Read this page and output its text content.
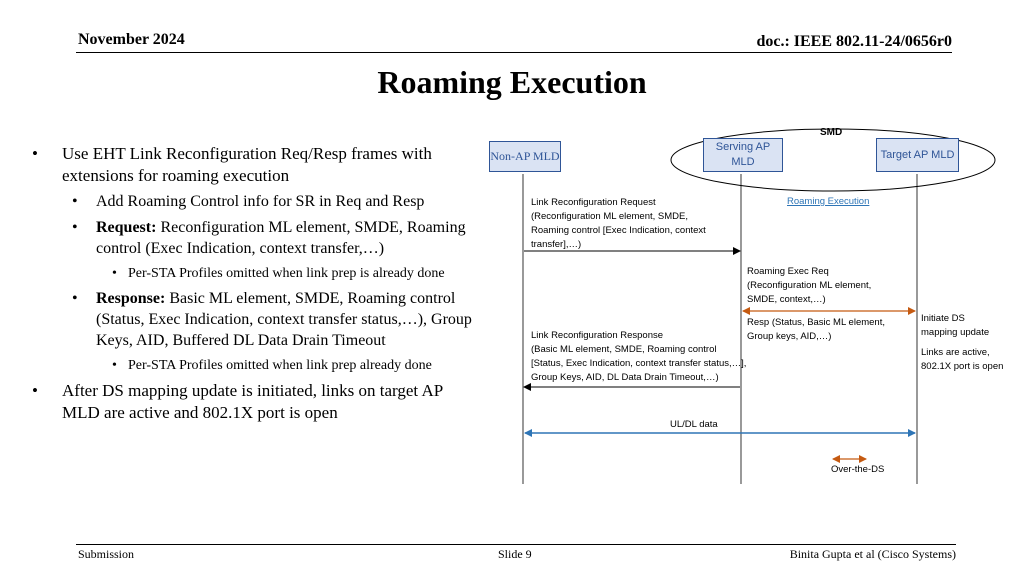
November 2024	doc.: IEEE 802.11-24/0656r0
Roaming Execution
• Use EHT Link Reconfiguration Req/Resp frames with extensions for roaming execution
• Add Roaming Control info for SR in Req and Resp
• Request: Reconfiguration ML element, SMDE, Roaming control (Exec Indication, context transfer,…)
• Per-STA Profiles omitted when link prep is already done
• Response: Basic ML element, SMDE, Roaming control (Status, Exec Indication, context transfer status,…), Group Keys, AID, Buffered DL Data Drain Timeout
• Per-STA Profiles omitted when link prep already done
• After DS mapping update is initiated, links on target AP MLD are active and 802.1X port is open
SMD
Non-AP MLD
Serving AP MLD
Target AP MLD
Roaming Execution
Link Reconfiguration Request
(Reconfiguration ML element, SMDE,
Roaming control [Exec Indication, context
transfer],…)
Roaming Exec Req
(Reconfiguration ML element,
SMDE, context,…)
Resp (Status, Basic ML element,
Group keys, AID,…)
Initiate DS
mapping update
Links are active,
802.1X port is open
Link Reconfiguration Response
(Basic ML element, SMDE, Roaming control
[Status, Exec Indication, context transfer status,…],
Group Keys, AID, DL Data Drain Timeout,…)
UL/DL data
Over-the-DS
Submission	Slide 9	Binita Gupta et al (Cisco Systems)
